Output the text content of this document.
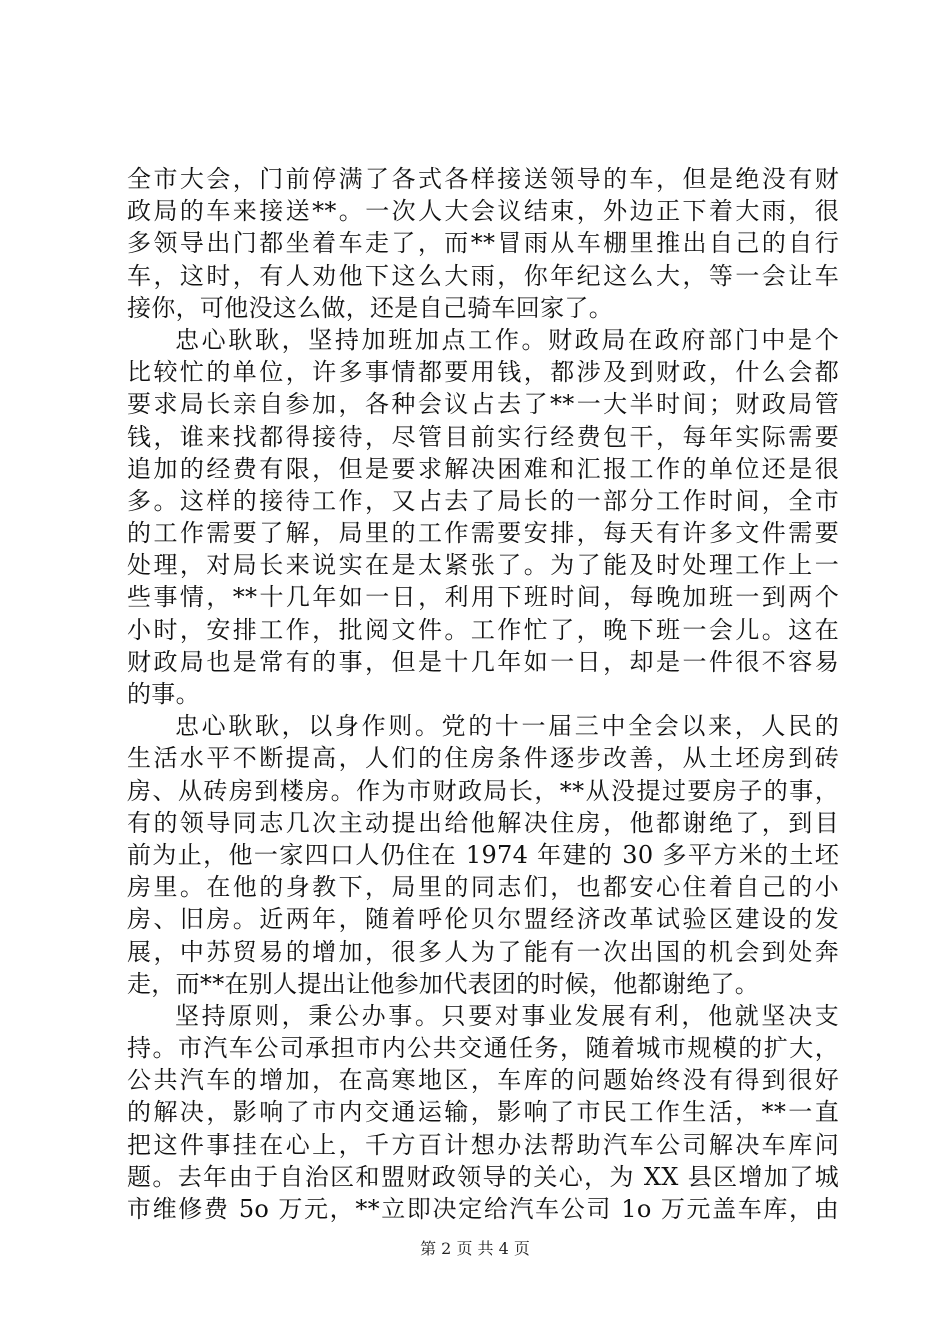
全市大会，门前停满了各式各样接送领导的车，但是绝没有财
政局的车来接送**。一次人大会议结束，外边正下着大雨，很
多领导出门都坐着车走了，而**冒雨从车棚里推出自己的自行
车，这时，有人劝他下这么大雨，你年纪这么大，等一会让车
接你，可他没这么做，还是自己骑车回家了。
忠心耿耿，坚持加班加点工作。财政局在政府部门中是个
比较忙的单位，许多事情都要用钱，都涉及到财政，什么会都
要求局长亲自参加，各种会议占去了**一大半时间；财政局管
钱，谁来找都得接待，尽管目前实行经费包干，每年实际需要
追加的经费有限，但是要求解决困难和汇报工作的单位还是很
多。这样的接待工作，又占去了局长的一部分工作时间，全市
的工作需要了解，局里的工作需要安排，每天有许多文件需要
处理，对局长来说实在是太紧张了。为了能及时处理工作上一
些事情，**十几年如一日，利用下班时间，每晚加班一到两个
小时，安排工作，批阅文件。工作忙了，晚下班一会儿。这在
财政局也是常有的事，但是十几年如一日，却是一件很不容易
的事。
忠心耿耿，以身作则。党的十一届三中全会以来，人民的
生活水平不断提高，人们的住房条件逐步改善，从土坯房到砖
房、从砖房到楼房。作为市财政局长，**从没提过要房子的事，
有的领导同志几次主动提出给他解决住房，他都谢绝了，到目
前为止，他一家四口人仍住在 1974 年建的 30 多平方米的土坯
房里。在他的身教下，局里的同志们，也都安心住着自己的小
房、旧房。近两年，随着呼伦贝尔盟经济改革试验区建设的发
展，中苏贸易的增加，很多人为了能有一次出国的机会到处奔
走，而**在别人提出让他参加代表团的时候，他都谢绝了。
坚持原则，秉公办事。只要对事业发展有利，他就坚决支
持。市汽车公司承担市内公共交通任务，随着城市规模的扩大，
公共汽车的增加，在高寒地区，车库的问题始终没有得到很好
的解决，影响了市内交通运输，影响了市民工作生活，**一直
把这件事挂在心上，千方百计想办法帮助汽车公司解决车库问
题。去年由于自治区和盟财政领导的关心，为 XX 县区增加了城
市维修费 5o 万元，**立即决定给汽车公司 1o 万元盖车库，由
第 2 页 共 4 页
